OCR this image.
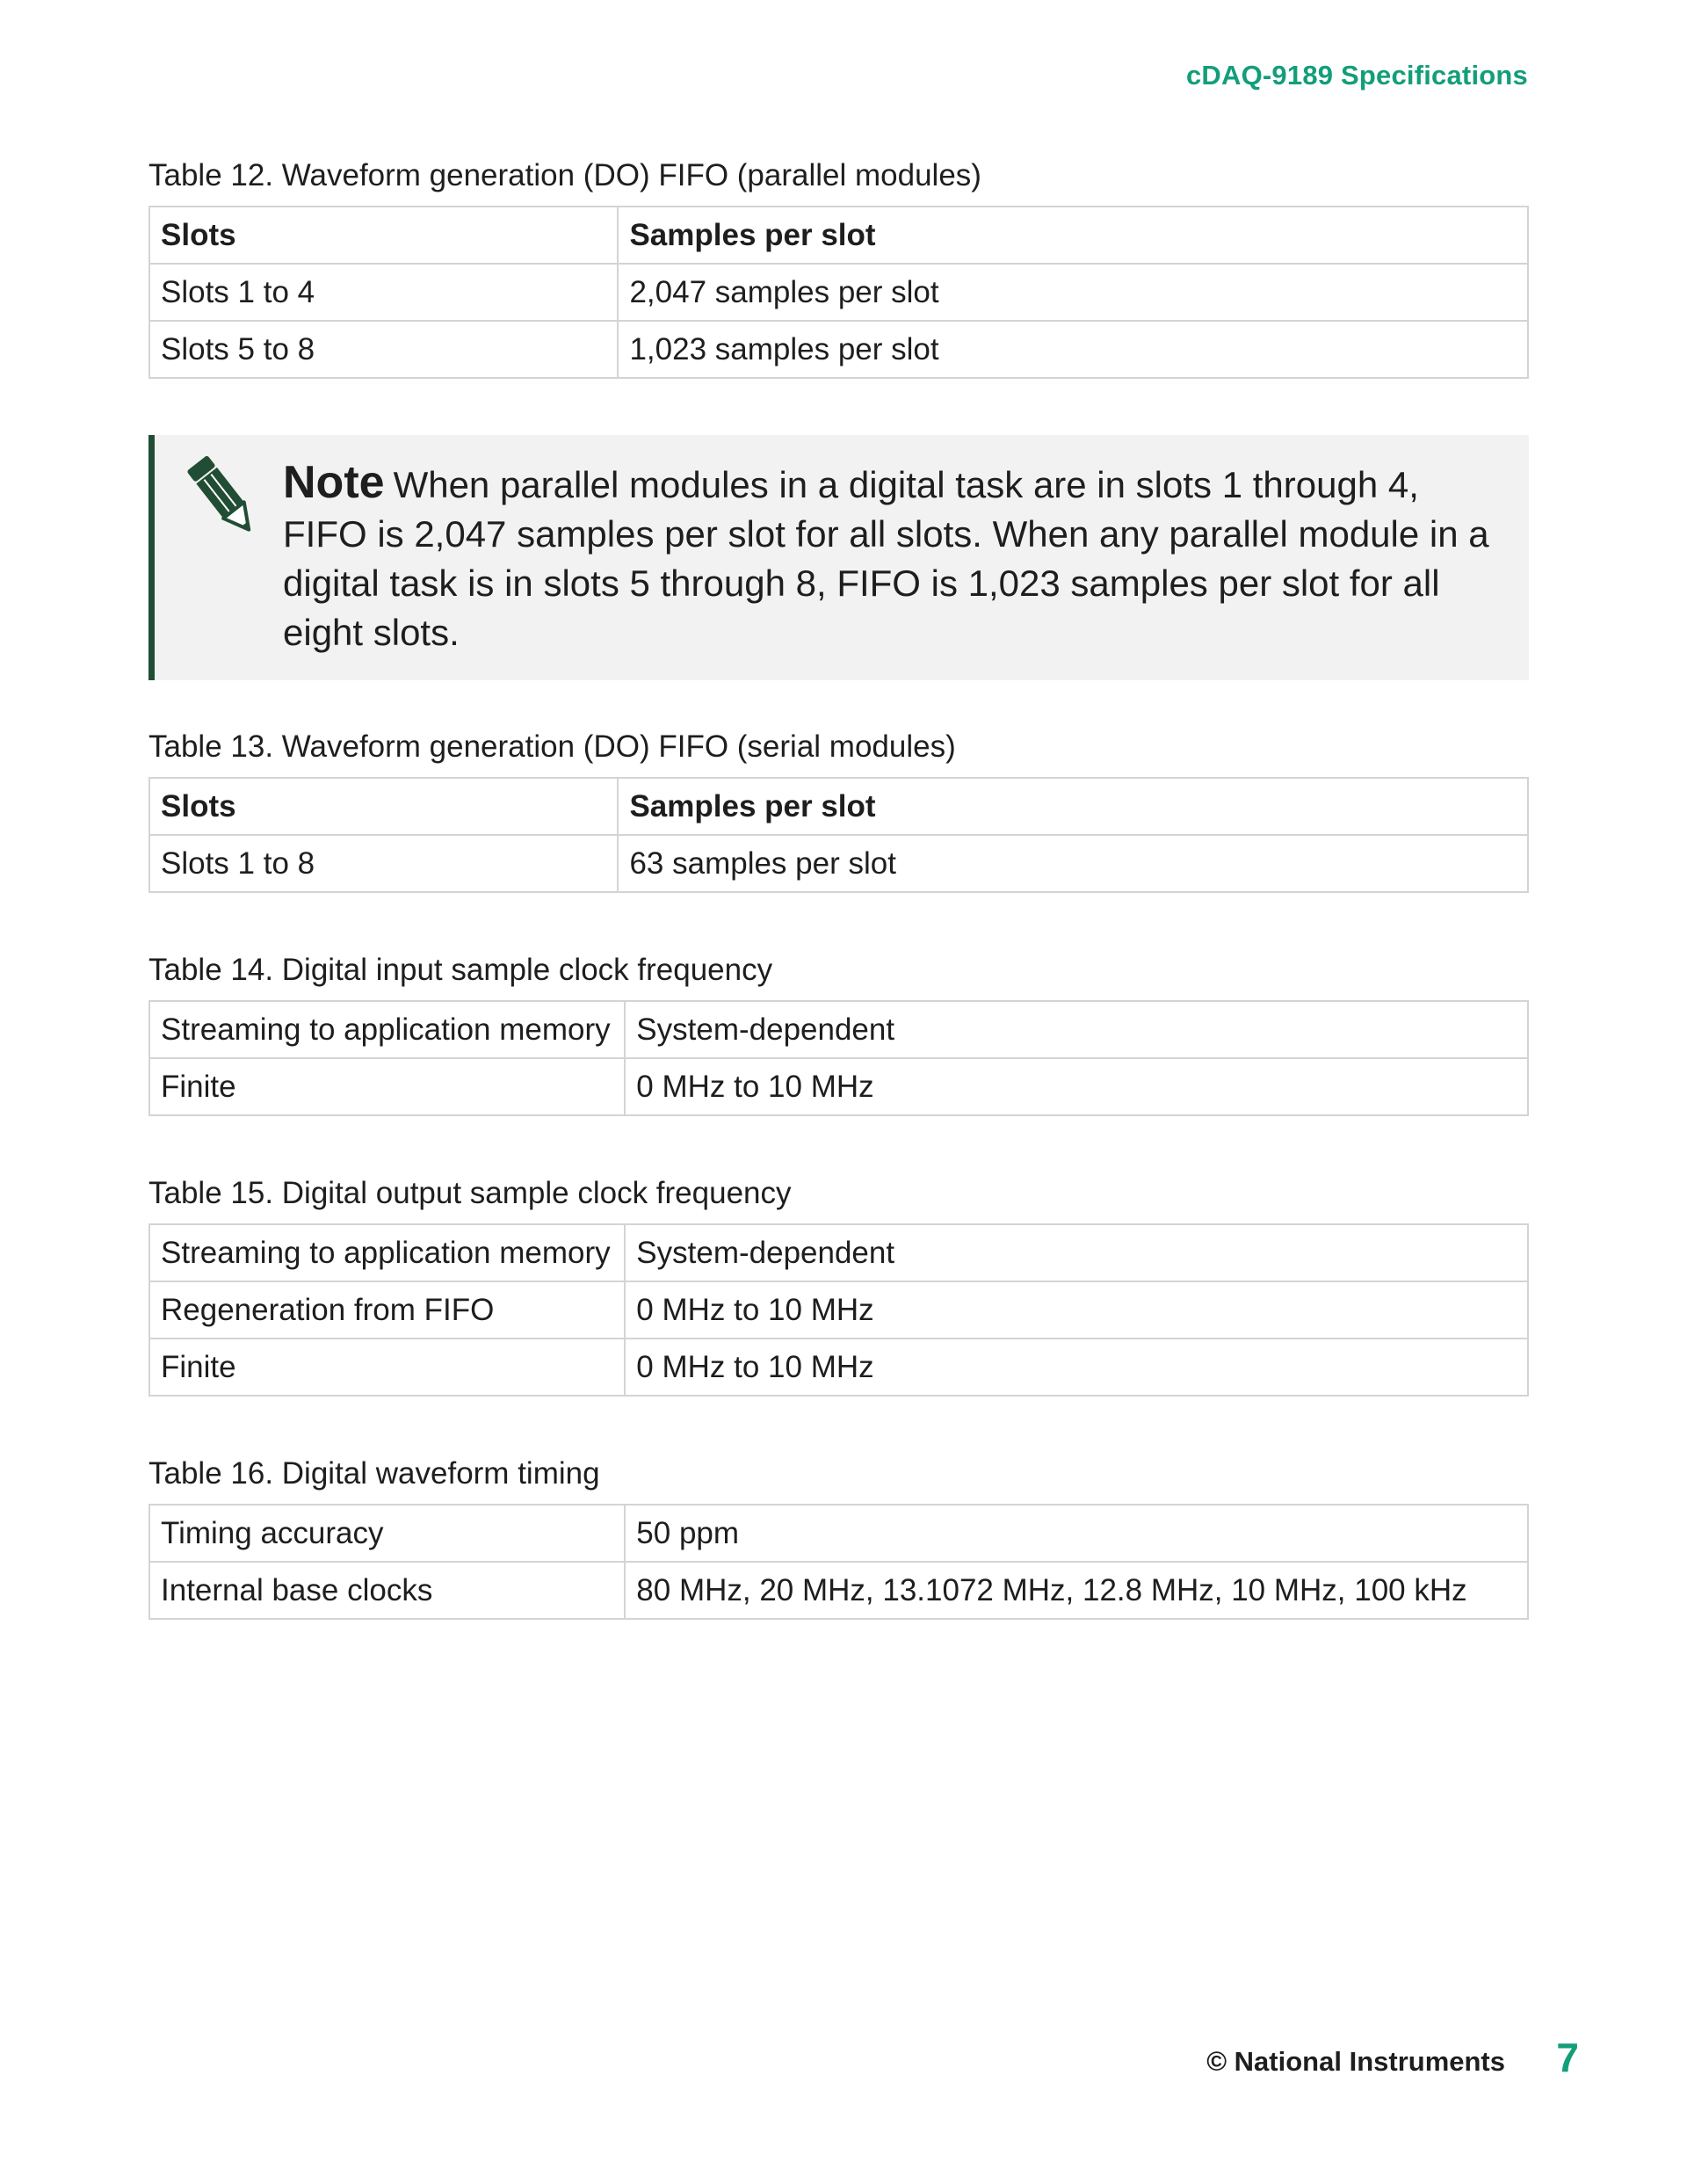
cDAQ-9189 Specifications
Table 12. Waveform generation (DO) FIFO (parallel modules)
Slots	Samples per slot
Slots 1 to 4	2,047 samples per slot
Slots 5 to 8	1,023 samples per slot
Note When parallel modules in a digital task are in slots 1 through 4, FIFO is 2,047 samples per slot for all slots. When any parallel module in a digital task is in slots 5 through 8, FIFO is 1,023 samples per slot for all eight slots.
Table 13. Waveform generation (DO) FIFO (serial modules)
Slots	Samples per slot
Slots 1 to 8	63 samples per slot
Table 14. Digital input sample clock frequency
Streaming to application memory	System-dependent
Finite	0 MHz to 10 MHz
Table 15. Digital output sample clock frequency
Streaming to application memory	System-dependent
Regeneration from FIFO	0 MHz to 10 MHz
Finite	0 MHz to 10 MHz
Table 16. Digital waveform timing
Timing accuracy	50 ppm
Internal base clocks	80 MHz, 20 MHz, 13.1072 MHz, 12.8 MHz, 10 MHz, 100 kHz
© National Instruments 7
